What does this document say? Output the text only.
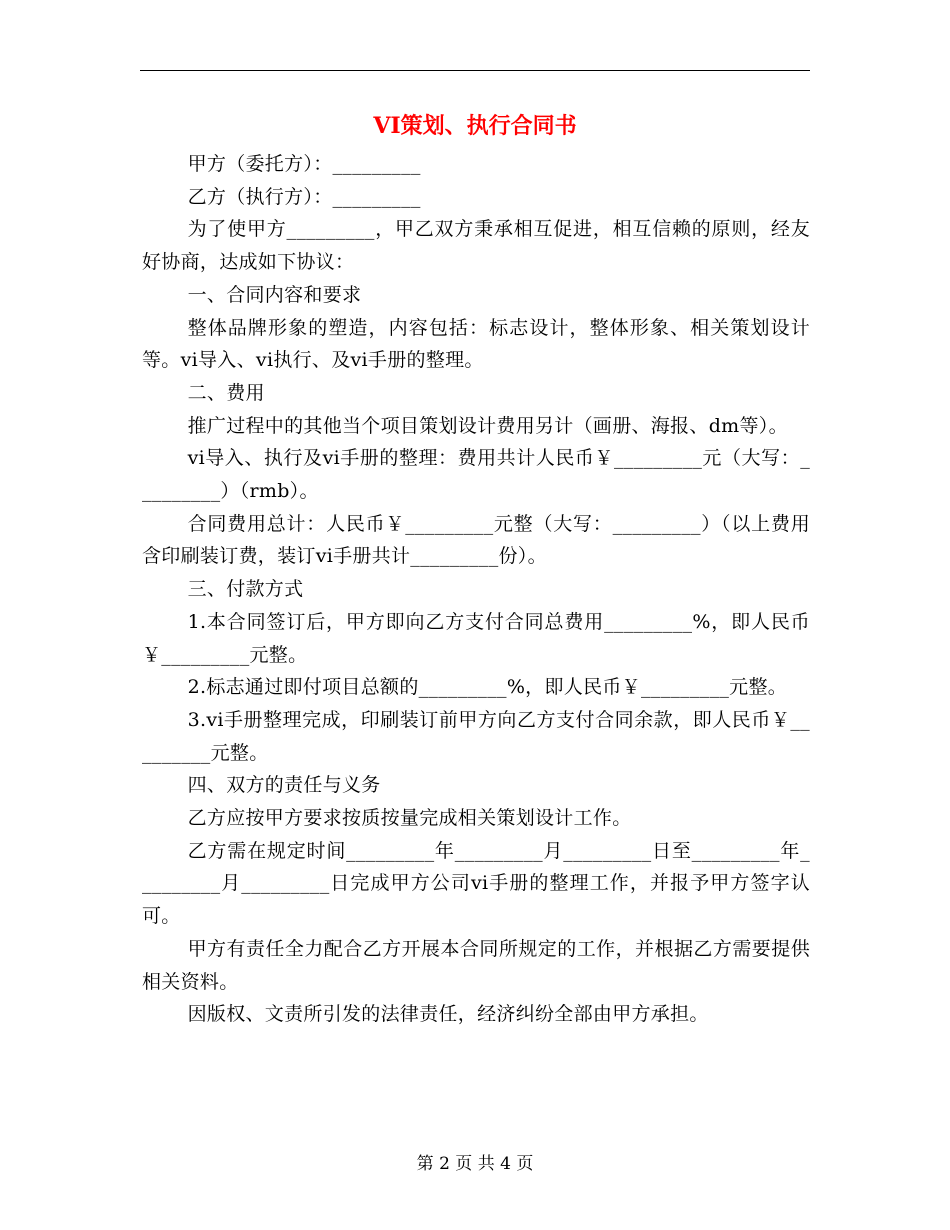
VI策划、执行合同书

甲方（委托方）：_________

乙方（执行方）：_________

为了使甲方_________，甲乙双方秉承相互促进，相互信赖的原则，经友好协商，达成如下协议：

一、合同内容和要求

整体品牌形象的塑造，内容包括：标志设计，整体形象、相关策划设计等。vi导入、vi执行、及vi手册的整理。

二、费用

推广过程中的其他当个项目策划设计费用另计（画册、海报、dm等）。

vi导入、执行及vi手册的整理：费用共计人民币￥_________元（大写：_________）（rmb）。

合同费用总计：人民币￥_________元整（大写：_________）（以上费用含印刷装订费，装订vi手册共计_________份）。

三、付款方式

1.本合同签订后，甲方即向乙方支付合同总费用_________%，即人民币￥_________元整。

2.标志通过即付项目总额的_________%，即人民币￥_________元整。

3.vi手册整理完成，印刷装订前甲方向乙方支付合同余款，即人民币￥_________元整。

四、双方的责任与义务

乙方应按甲方要求按质按量完成相关策划设计工作。

乙方需在规定时间_________年_________月_________日至_________年_________月_________日完成甲方公司vi手册的整理工作，并报予甲方签字认可。

甲方有责任全力配合乙方开展本合同所规定的工作，并根据乙方需要提供相关资料。

因版权、文责所引发的法律责任，经济纠纷全部由甲方承担。

第 2 页 共 4 页
